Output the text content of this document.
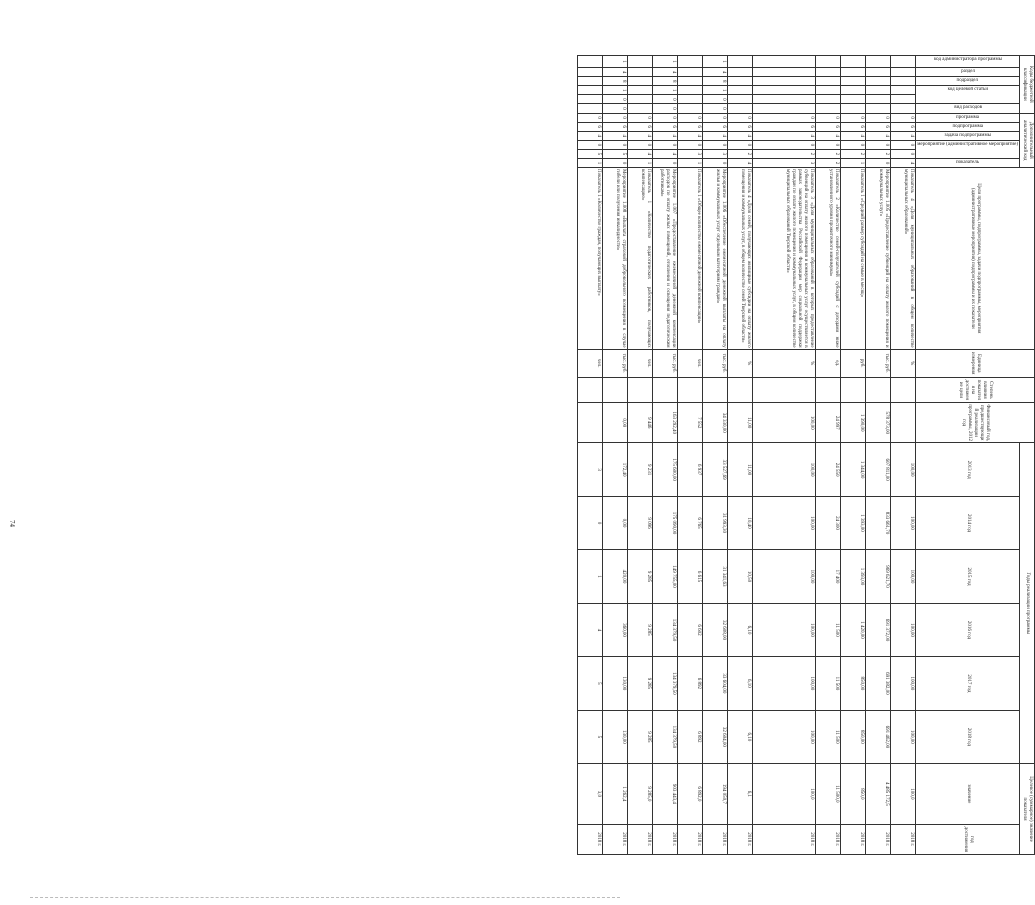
74
Коды бюджетной классификации						Дополнительный аналитический код						Цели программы, подпрограммы, задачи подпрограммы, мероприятия (административные мероприятия) подпрограммы и их показатели	Единица измерения	Степень влияния показателя на достижение цели	Финансовый год, предшествующий реализации программы, 2012 год	Годы реализации программы						Целевое (суммарное) значение показателя	

код администратора программы	раздел	подраздел	код целевой статьи		вид расходов	программа	подпрограмма	задача подпрограммы	мероприятие (административное мероприятие)		показатель					2013 год	2014 год	2015 год	2016 год	2017 год	2018 год	значение	год достижения
						0	6	4	0	0	4	Показатель 4 «Доля муниципальных образований в общем количестве муниципальных образований»	%			100,00	100,00	100,00	100,00	100,00	100,00	100,0	2018 г.
						0	6	4	0	2	0	Мероприятие 1.005 «Предоставление субвенций на оплату жилого помещения и коммунальных услуг»	тыс. руб.		578 373,00	607 811,00	833 661,70	969 621,70	691 372,00	691 382,00	691 462,00	4 485 172,5	2018 г.
						0	6	4	0	2	1	Показатель 1 «Средний размер субсидий на семью в месяц»	руб.		1 390,00	1 344,00	1 393,00	1 393,00	1 420,00	850,00	850,00	850,0	2018 г.
						0	6	4	0	2	2	Показатель 2 «Количество семей-получателей субсидий с доходами ниже установленного уровня прожиточного минимума»	ед.		24 997	24 550	24 300	17 400	11 500	11 500	11 500	11 500,0	2018 г.
						0	6	4	0	2	3	Показатель 3 «Доля муниципальных образований в которых предоставление субвенций на оплату жилого помещения и коммунальных услуг осуществляется в рамках законодательства Российской Федерации мер социальной поддержки граждан по оплате жилого помещения и коммунальных услуг, в общем количестве муниципальных образований Тверской области»	%		100,00	100,00	100,00	100,00	100,00	100,00	100,00	100,0	2018 г.
						0	6	4	0	2	4	Показатель 4 «Доля семей, получающих жилищные субсидии на оплату жилого помещения и коммунальных услуг, в общем количестве семей Тверской области»	%		11,00	11,00	10,40	10,50	6,10	6,10	6,10	6,1	2018 г.
1	4	8	1	0	0	0	6	4	0	3	0	Мероприятие 1.006 «Обеспечение ежемесячной денежной выплаты на оплату жилья и коммунальных услуг отдельным категориям граждан»	тыс. руб.		34 330,00	33 527,69	31 993,30	31 341,63	32 608,00	33 604,00	32 604,00	194 050,7	2018 г.
						0	6	4	0	3	1	Показатель 1 «Общее количество ежемесячной денежной компенсации»	чел.		7 552	6 937	6 765	6 615	6 602	6 892	6 892	6 892,0	2018 г.
1	4	8	1	0	0	0	6	4	0	4	0	Мероприятие 1.007 «Предоставление ежемесячной денежной компенсации расходов по оплату жилых помещений, отопления и освещения педагогическим работникам»	тыс. руб.		163 292,40	175 600,00	175 090,00	149 755,00	134 379,50	134 379,50	134 379,50	903 443,4	2018 г.
						0	6	4	0	4	1	Показатель 1 «Количество педагогических работников, получающих компенсацию»	чел.		9 446	9 231	9 096	9 285	9 285	9 285	9 285	9 285,0	2018 г.
1	4	8	1	0	0	0	6	4	0	5	0	Мероприятие 1.008 «Выплата страховой добровольного возмещения в случае гибели или получения инвалидности»	тыс. руб.		0,00	172,40	0,00	420,00	360,00	130,00	130,00	1 262,4	2018 г.
						0	6	4	0	5	1	Показатель 1 «Количество граждан, получающих выплату»	чел.			3	0	1	4	5	5	3,0	2018 г.
